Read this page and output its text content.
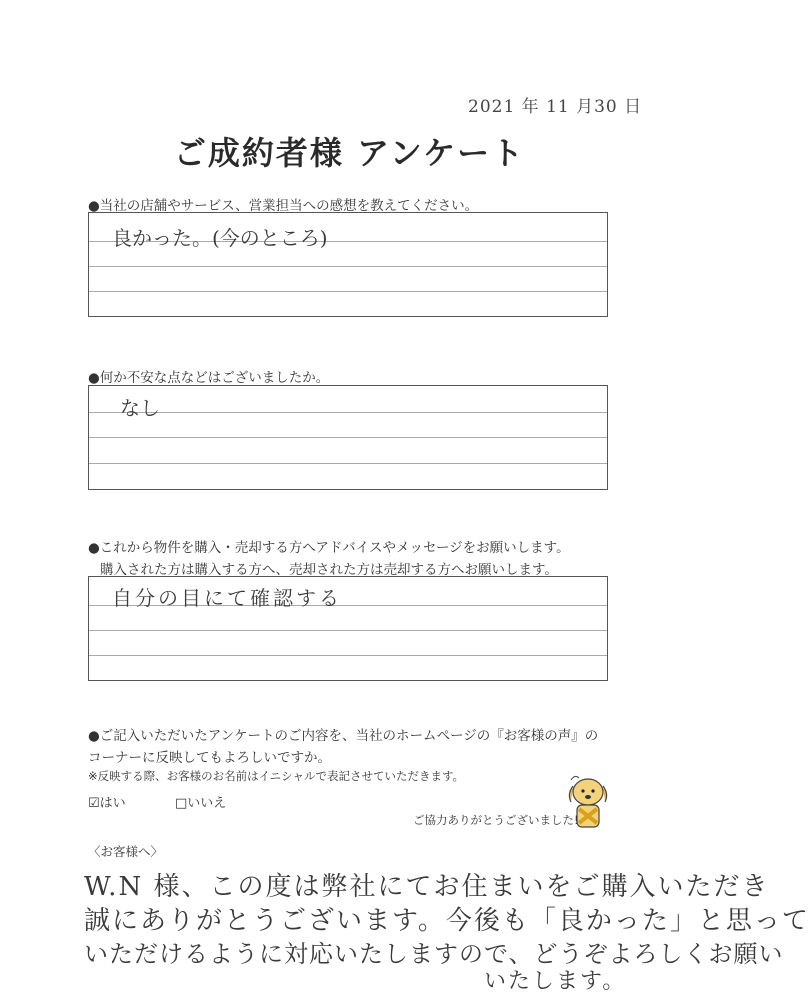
2021 年 11 月30 日
ご成約者様 アンケート
●当社の店舗やサービス、営業担当への感想を教えてください。
良かった。(今のところ)
●何か不安な点などはございましたか。
なし
●これから物件を購入・売却する方へアドバイスやメッセージをお願いします。
購入された方は購入する方へ、売却された方は売却する方へお願いします。
自分の目にて確認する
●ご記入いただいたアンケートのご内容を、当社のホームページの『お客様の声』の
コーナーに反映してもよろしいですか。
※反映する際、お客様のお名前はイニシャルで表記させていただきます。
☑はい	□いいえ
ご協力ありがとうございました!
〈お客様へ〉
W.N 様、この度は弊社にてお住まいをご購入いただき
誠にありがとうございます。今後も「良かった」と思って
いただけるように対応いたしますので、どうぞよろしくお願い
いたします。
